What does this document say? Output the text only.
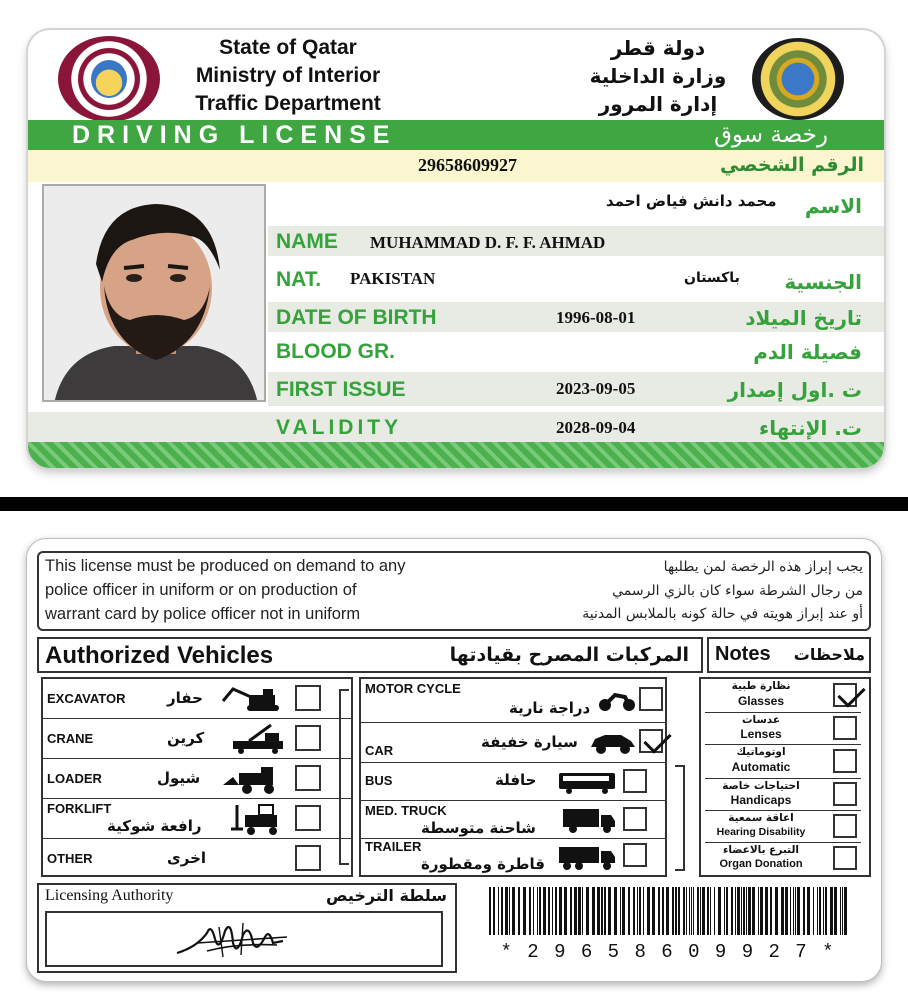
State of Qatar
Ministry of Interior
Traffic Department
دولة قطر
وزارة الداخلية
إدارة المرور
DRIVING LICENSE	رخصة سوق
29658609927	الرقم الشخصي
محمد دانش فياض احمد الاسم
NAME MUHAMMAD D. F. F. AHMAD
NAT. PAKISTAN	باكستان الجنسية
DATE OF BIRTH	1996-08-01	تاريخ الميلاد
BLOOD GR.	فصيلة الدم
FIRST ISSUE	2023-09-05	ت .اول إصدار
VALIDITY	2028-09-04	ت. الإنتهاء
This license must be produced on demand to any
police officer in uniform or on production of
warrant card by police officer not in uniform
يجب إبراز هذه الرخصة لمن يطلبها
من رجال الشرطة سواء كان بالزي الرسمي
أو عند إبراز هويته في حالة كونه بالملابس المدنية
Authorized Vehicles	المركبات المصرح بقيادتها Notes ملاحظات
EXCAVATOR	حفار
CRANE	كرين
LOADER	شيول
FORKLIFT
رافعة شوكية
OTHER	اخرى
MOTOR CYCLE
دراجة نارية
CAR	سيارة خفيفة
BUS	حافلة
MED. TRUCK
شاحنة متوسطة
TRAILER
قاطرة ومقطورة
نظارة طبية
Glasses
عدسات
Lenses
اوتوماتيك
Automatic
احتياجات خاصة
Handicaps
اعاقة سمعية
Hearing Disability
التبرع بالاعضاء
Organ Donation
Licensing Authority	سلطة الترخيص
* 2 9 6 5 8 6 0 9 9 2 7 *
